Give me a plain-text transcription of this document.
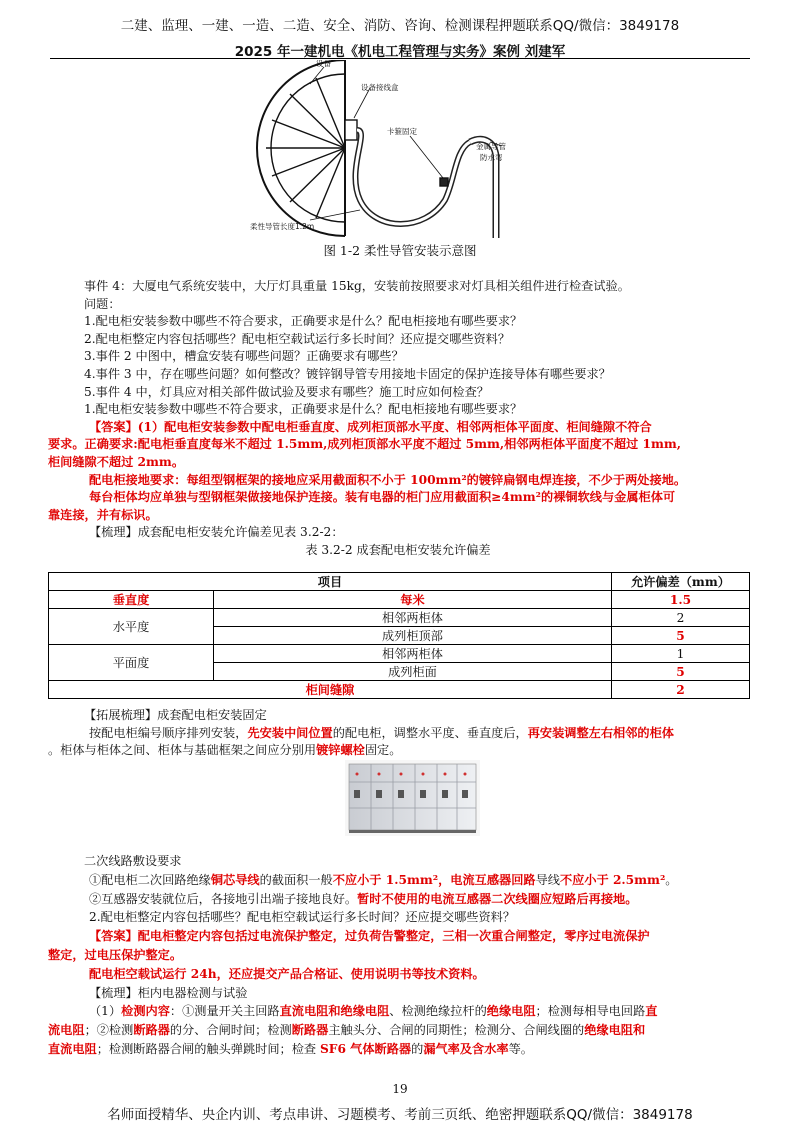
二建、监理、一建、一造、二造、安全、消防、咨询、检测课程押题联系QQ/微信：3849178
2025 年一建机电《机电工程管理与实务》案例 刘建军
设备
设备接线盒
卡箍固定
金属导管
防水弯
柔性导管长度1.2m
图 1-2 柔性导管安装示意图
事件 4：大厦电气系统安装中，大厅灯具重量 15kg，安装前按照要求对灯具相关组件进行检查试验。
问题：
1.配电柜安装参数中哪些不符合要求，正确要求是什么？配电柜接地有哪些要求？
2.配电柜整定内容包括哪些？配电柜空载试运行多长时间？还应提交哪些资料？
3.事件 2 中图中，槽盒安装有哪些问题？正确要求有哪些？
4.事件 3 中，存在哪些问题？如何整改？镀锌钢导管专用接地卡固定的保护连接导体有哪些要求？
5.事件 4 中，灯具应对相关部件做试验及要求有哪些？施工时应如何检查？
1.配电柜安装参数中哪些不符合要求，正确要求是什么？配电柜接地有哪些要求？
【答案】(1）配电柜安装参数中配电柜垂直度、成列柜顶部水平度、相邻两柜体平面度、柜间缝隙不符合
要求。正确要求:配电柜垂直度每米不超过 1.5mm,成列柜顶部水平度不超过 5mm,相邻两柜体平面度不超过 1mm,
柜间缝隙不超过 2mm。
配电柜接地要求：每组型钢框架的接地应采用截面积不小于 100mm²的镀锌扁钢电焊连接，不少于两处接地。
每台柜体均应单独与型钢框架做接地保护连接。装有电器的柜门应用截面积≥4mm²的裸铜软线与金属柜体可
靠连接，并有标识。
【梳理】成套配电柜安装允许偏差见表 3.2-2：
表 3.2-2 成套配电柜安装允许偏差
项目		允许偏差（mm）
垂直度	每米	1.5
水平度	相邻两柜体	2
	成列柜顶部	5
平面度	相邻两柜体	1
	成列柜面	5
柜间缝隙		2
【拓展梳理】成套配电柜安装固定
按配电柜编号顺序排列安装，先安装中间位置的配电柜，调整水平度、垂直度后，再安装调整左右相邻的柜体
。柜体与柜体之间、柜体与基础框架之间应分别用镀锌螺栓固定。
二次线路敷设要求
①配电柜二次回路绝缘铜芯导线的截面积一般不应小于 1.5mm²，电流互感器回路导线不应小于 2.5mm²。
②互感器安装就位后，各接地引出端子接地良好。暂时不使用的电流互感器二次线圈应短路后再接地。
2.配电柜整定内容包括哪些？配电柜空载试运行多长时间？还应提交哪些资料？
【答案】配电柜整定内容包括过电流保护整定，过负荷告警整定，三相一次重合闸整定，零序过电流保护
整定，过电压保护整定。
配电柜空载试运行 24h，还应提交产品合格证、使用说明书等技术资料。
【梳理】柜内电器检测与试验
（1）检测内容：①测量开关主回路直流电阻和绝缘电阻、检测绝缘拉杆的绝缘电阻；检测每相导电回路直
流电阻；②检测断路器的分、合闸时间；检测断路器主触头分、合闸的同期性；检测分、合闸线圈的绝缘电阻和
直流电阻；检测断路器合闸的触头弹跳时间；检查 SF6 气体断路器的漏气率及含水率等。
19
名师面授精华、央企内训、考点串讲、习题模考、考前三页纸、绝密押题联系QQ/微信：3849178
